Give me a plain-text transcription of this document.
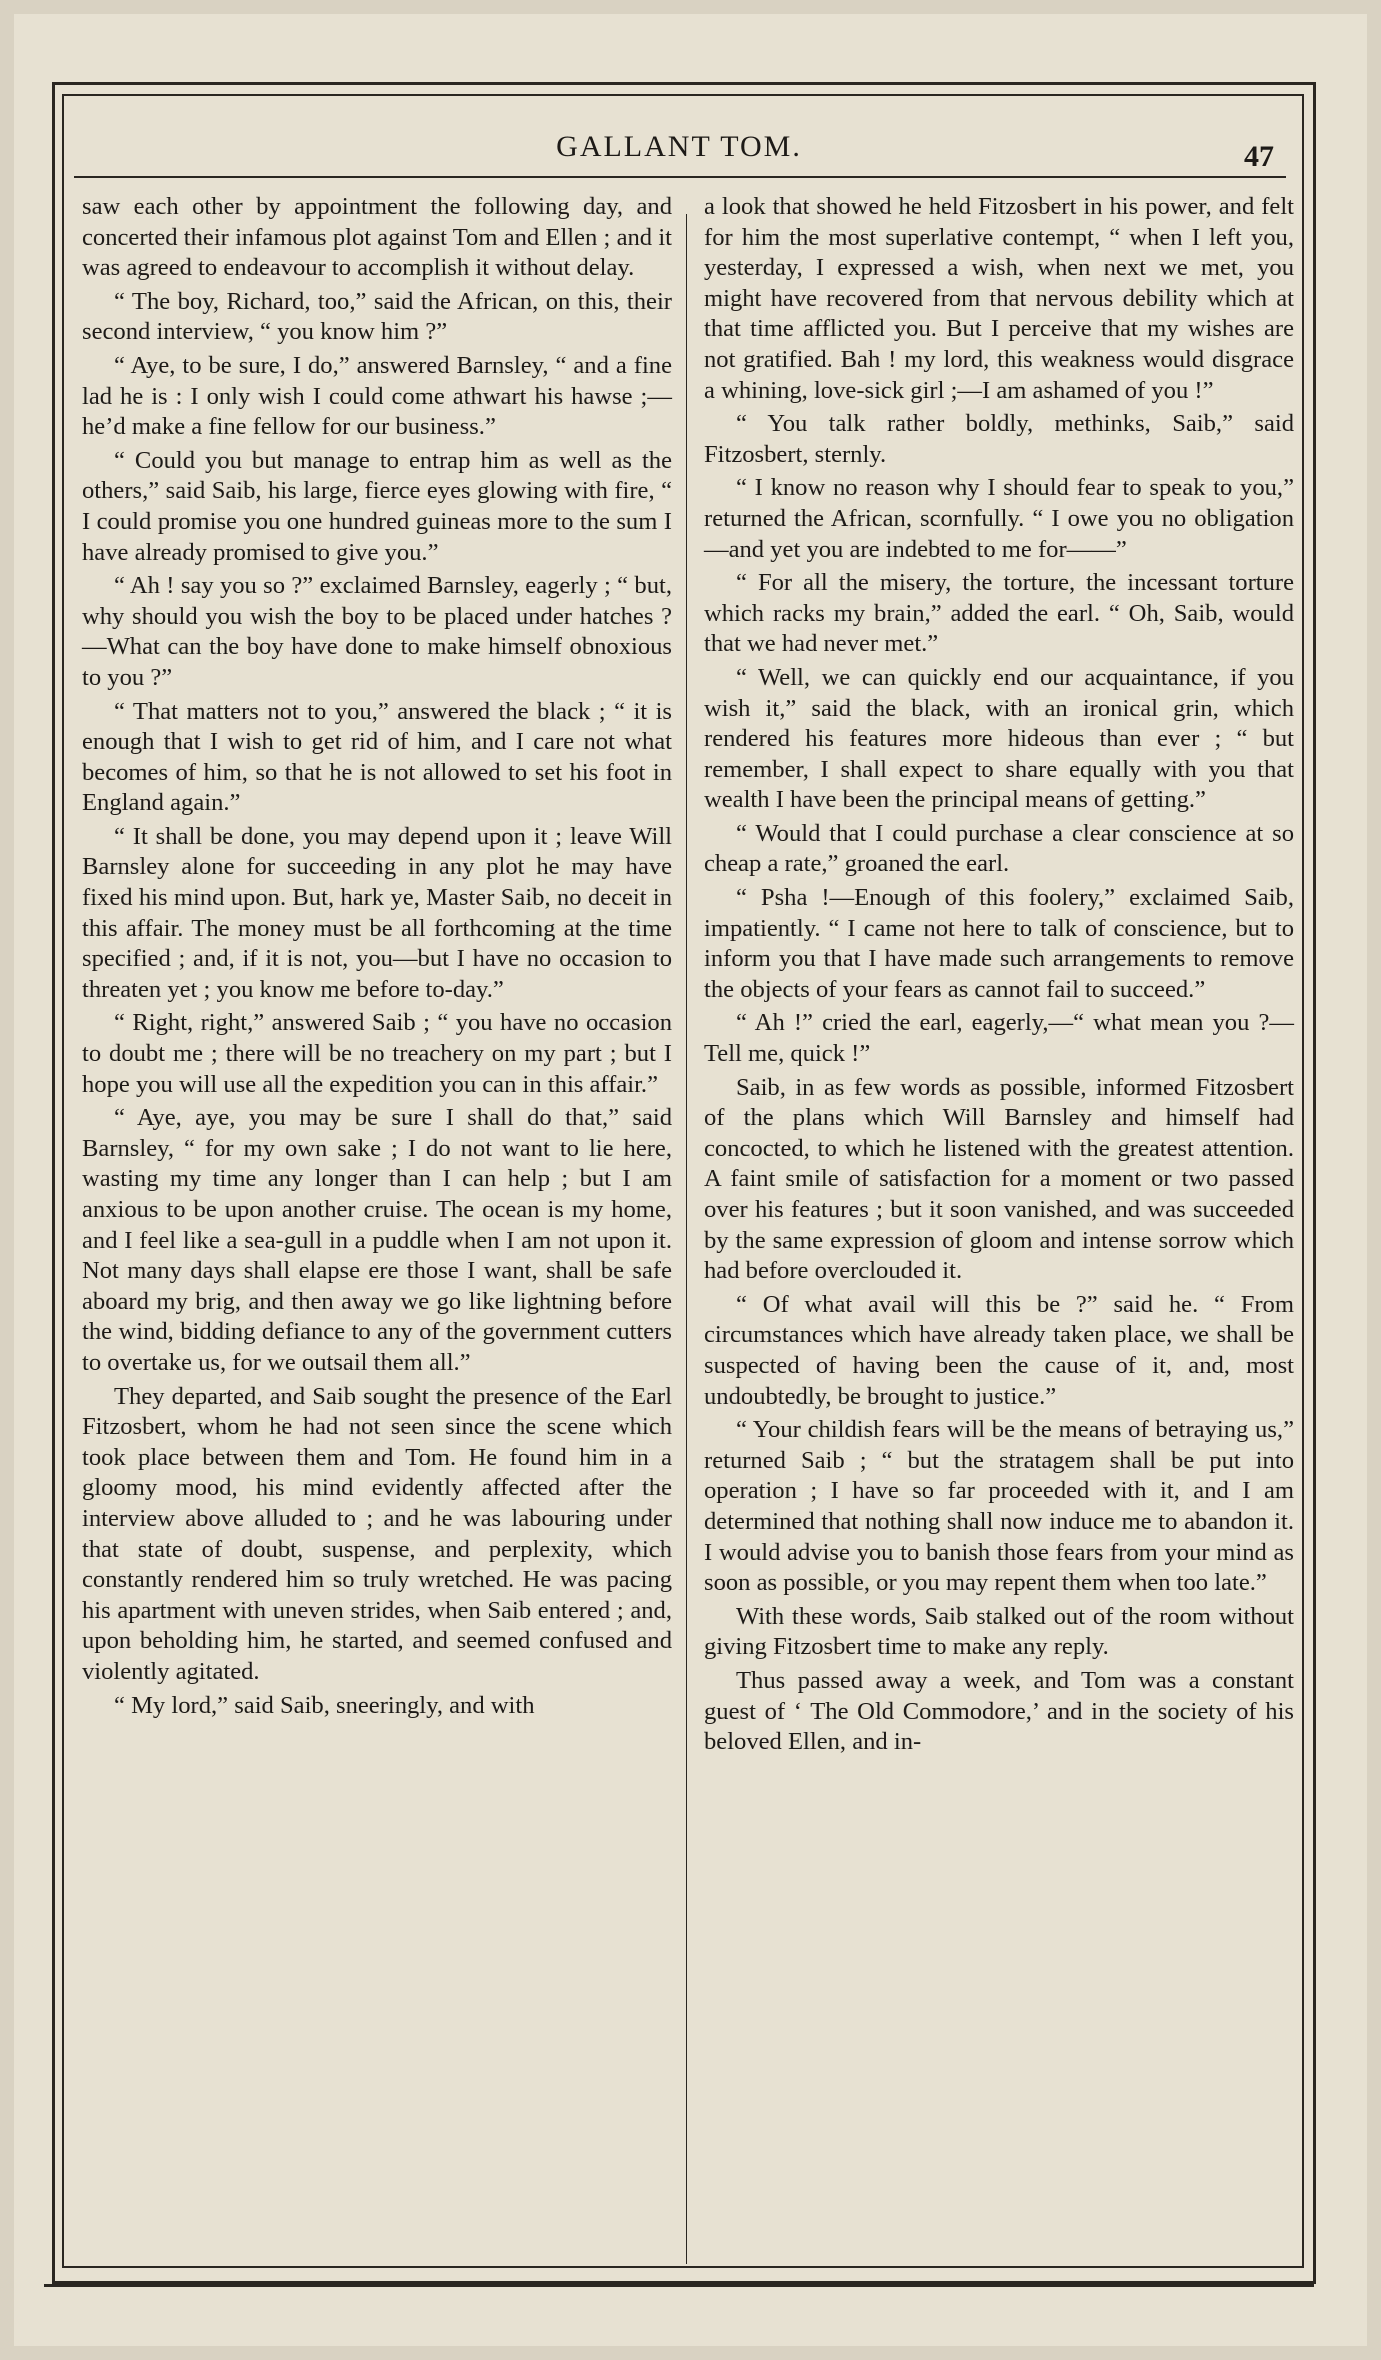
GALLANT TOM.	47

saw each other by appointment the following day, and concerted their infamous plot against Tom and Ellen ; and it was agreed to endeavour to accomplish it without delay.

“ The boy, Richard, too,” said the African, on this, their second interview, “ you know him ?”

“ Aye, to be sure, I do,” answered Barnsley, “ and a fine lad he is : I only wish I could come athwart his hawse ;—he’d make a fine fellow for our business.”

“ Could you but manage to entrap him as well as the others,” said Saib, his large, fierce eyes glowing with fire, “ I could promise you one hundred guineas more to the sum I have already promised to give you.”

“ Ah ! say you so ?” exclaimed Barnsley, eagerly ; “ but, why should you wish the boy to be placed under hatches ?—What can the boy have done to make himself obnoxious to you ?”

“ That matters not to you,” answered the black ; “ it is enough that I wish to get rid of him, and I care not what becomes of him, so that he is not allowed to set his foot in England again.”

“ It shall be done, you may depend upon it ; leave Will Barnsley alone for succeeding in any plot he may have fixed his mind upon. But, hark ye, Master Saib, no deceit in this affair. The money must be all forthcoming at the time specified ; and, if it is not, you—but I have no occasion to threaten yet ; you know me before to-day.”

“ Right, right,” answered Saib ; “ you have no occasion to doubt me ; there will be no treachery on my part ; but I hope you will use all the expedition you can in this affair.”

“ Aye, aye, you may be sure I shall do that,” said Barnsley, “ for my own sake ; I do not want to lie here, wasting my time any longer than I can help ; but I am anxious to be upon another cruise. The ocean is my home, and I feel like a sea-gull in a puddle when I am not upon it. Not many days shall elapse ere those I want, shall be safe aboard my brig, and then away we go like lightning before the wind, bidding defiance to any of the government cutters to overtake us, for we outsail them all.”

They departed, and Saib sought the presence of the Earl Fitzosbert, whom he had not seen since the scene which took place between them and Tom. He found him in a gloomy mood, his mind evidently affected after the interview above alluded to ; and he was labouring under that state of doubt, suspense, and perplexity, which constantly rendered him so truly wretched. He was pacing his apartment with uneven strides, when Saib entered ; and, upon beholding him, he started, and seemed confused and violently agitated.

“ My lord,” said Saib, sneeringly, and with

a look that showed he held Fitzosbert in his power, and felt for him the most superlative contempt, “ when I left you, yesterday, I expressed a wish, when next we met, you might have recovered from that nervous debility which at that time afflicted you. But I perceive that my wishes are not gratified. Bah ! my lord, this weakness would disgrace a whining, love-sick girl ;—I am ashamed of you !”

“ You talk rather boldly, methinks, Saib,” said Fitzosbert, sternly.

“ I know no reason why I should fear to speak to you,” returned the African, scornfully. “ I owe you no obligation—and yet you are indebted to me for——”

“ For all the misery, the torture, the incessant torture which racks my brain,” added the earl. “ Oh, Saib, would that we had never met.”

“ Well, we can quickly end our acquaintance, if you wish it,” said the black, with an ironical grin, which rendered his features more hideous than ever ; “ but remember, I shall expect to share equally with you that wealth I have been the principal means of getting.”

“ Would that I could purchase a clear conscience at so cheap a rate,” groaned the earl.

“ Psha !—Enough of this foolery,” exclaimed Saib, impatiently. “ I came not here to talk of conscience, but to inform you that I have made such arrangements to remove the objects of your fears as cannot fail to succeed.”

“ Ah !” cried the earl, eagerly,—“ what mean you ?—Tell me, quick !”

Saib, in as few words as possible, informed Fitzosbert of the plans which Will Barnsley and himself had concocted, to which he listened with the greatest attention. A faint smile of satisfaction for a moment or two passed over his features ; but it soon vanished, and was succeeded by the same expression of gloom and intense sorrow which had before overclouded it.

“ Of what avail will this be ?” said he. “ From circumstances which have already taken place, we shall be suspected of having been the cause of it, and, most undoubtedly, be brought to justice.”

“ Your childish fears will be the means of betraying us,” returned Saib ; “ but the stratagem shall be put into operation ; I have so far proceeded with it, and I am determined that nothing shall now induce me to abandon it. I would advise you to banish those fears from your mind as soon as possible, or you may repent them when too late.”

With these words, Saib stalked out of the room without giving Fitzosbert time to make any reply.

Thus passed away a week, and Tom was a constant guest of ‘ The Old Commodore,’ and in the society of his beloved Ellen, and in-
